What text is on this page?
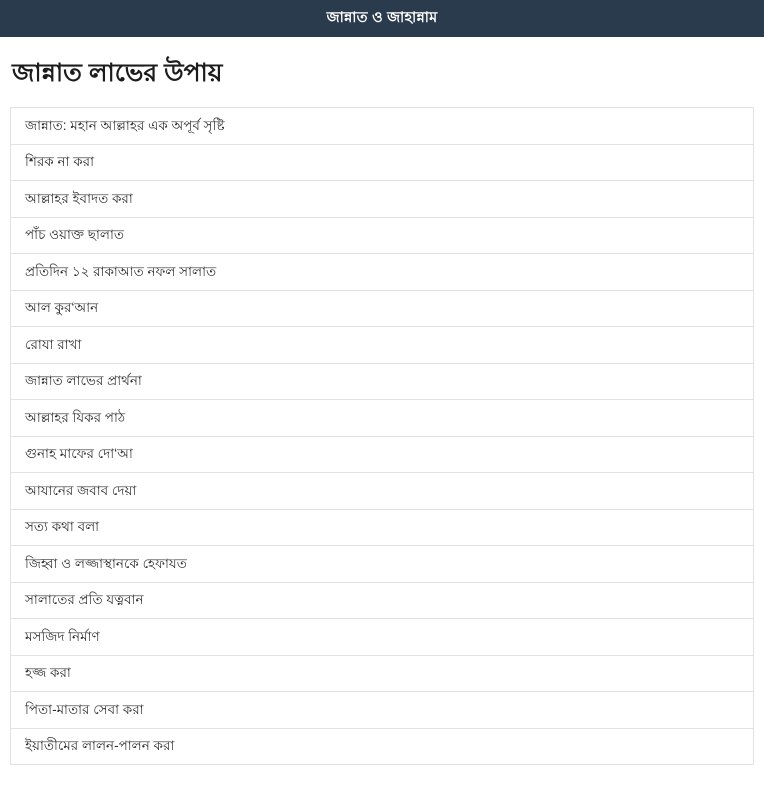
জান্নাত ও জাহান্নাম
জান্নাত লাভের উপায়
জান্নাত: মহান আল্লাহর এক অপূর্ব সৃষ্টি
শিরক না করা
আল্লাহর ইবাদত করা
পাঁচ ওয়াক্ত ছালাত
প্রতিদিন ১২ রাকাআত নফল সালাত
আল কুর‘আন
রোযা রাখা
জান্নাত লাভের প্রার্থনা
আল্লাহর যিকর পাঠ
গুনাহ মাফের দো‘আ
আযানের জবাব দেয়া
সত্য কথা বলা
জিহ্বা ও লজ্জাস্থানকে হেফাযত
সালাতের প্রতি যত্নবান
মসজিদ নির্মাণ
হজ্জ করা
পিতা-মাতার সেবা করা
ইয়াতীমের লালন-পালন করা
